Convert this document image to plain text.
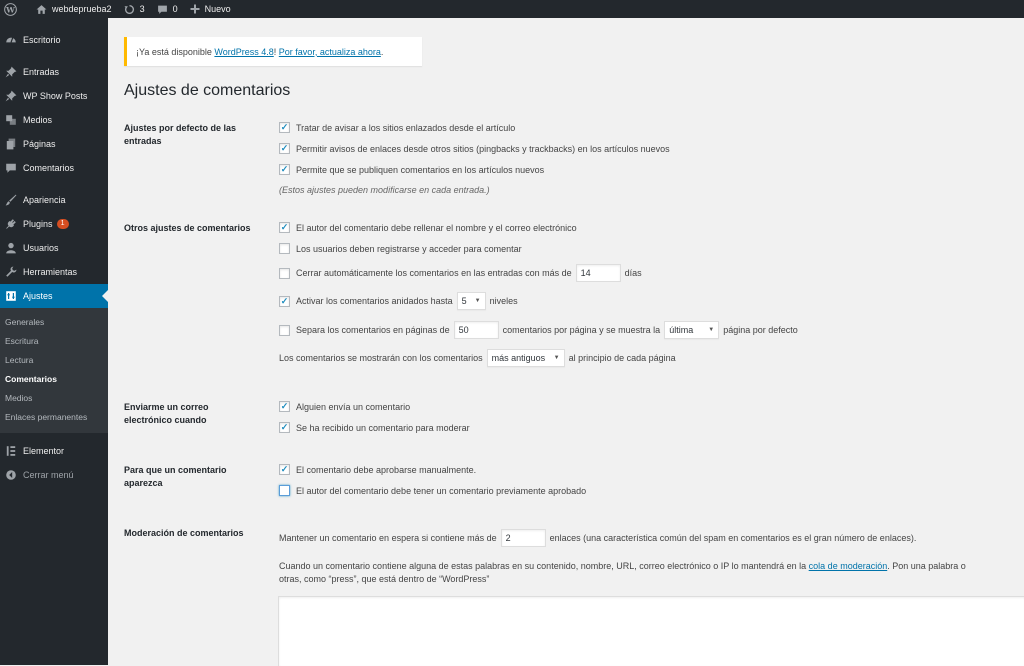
W	webdeprueba2	3	0	Nuevo
Escritorio
Entradas
WP Show Posts
Medios
Páginas
Comentarios
Apariencia
Plugins	1
Usuarios
Herramientas
Ajustes
Generales
Escritura
Lectura
Comentarios
Medios
Enlaces permanentes
Elementor
Cerrar menú
¡Ya está disponible
WordPress 4.8 !
Por favor, actualiza ahora .
Ajustes de comentarios
Ajustes por defecto de las entradas
✓
Tratar de avisar a los sitios enlazados desde el artículo
✓
Permitir avisos de enlaces desde otros sitios (pingbacks y trackbacks) en los artículos nuevos
✓
Permite que se publiquen comentarios en los artículos nuevos
(Estos ajustes pueden modificarse en cada entrada.)
Otros ajustes de comentarios
✓	El autor del comentario debe rellenar el nombre y el correo electrónico
Los usuarios deben registrarse y acceder para comentar
Cerrar automáticamente los comentarios en las entradas con más de	14	días
✓
Activar los comentarios anidados hasta 5 ▼ niveles
Separa los comentarios en páginas de	50	comentarios por página y se muestra la última	▼ página por defecto
Los comentarios se mostrarán con los comentarios más antiguos ▼ al principio de cada página
Enviarme un correo electrónico cuando
✓
Alguien envía un comentario
✓
Se ha recibido un comentario para moderar
Para que un comentario aparezca
✓
El comentario debe aprobarse manualmente.
El autor del comentario debe tener un comentario previamente aprobado
Moderación de comentarios	Mantener un comentario en espera si contiene más de	2	enlaces (una característica común del spam en comentarios es el gran número de enlaces).
Cuando un comentario contiene alguna de estas palabras en su contenido, nombre, URL, correo electrónico o IP lo mantendrá en la cola de moderación. Pon una palabra o
otras, como “press”, que está dentro de “WordPress”
